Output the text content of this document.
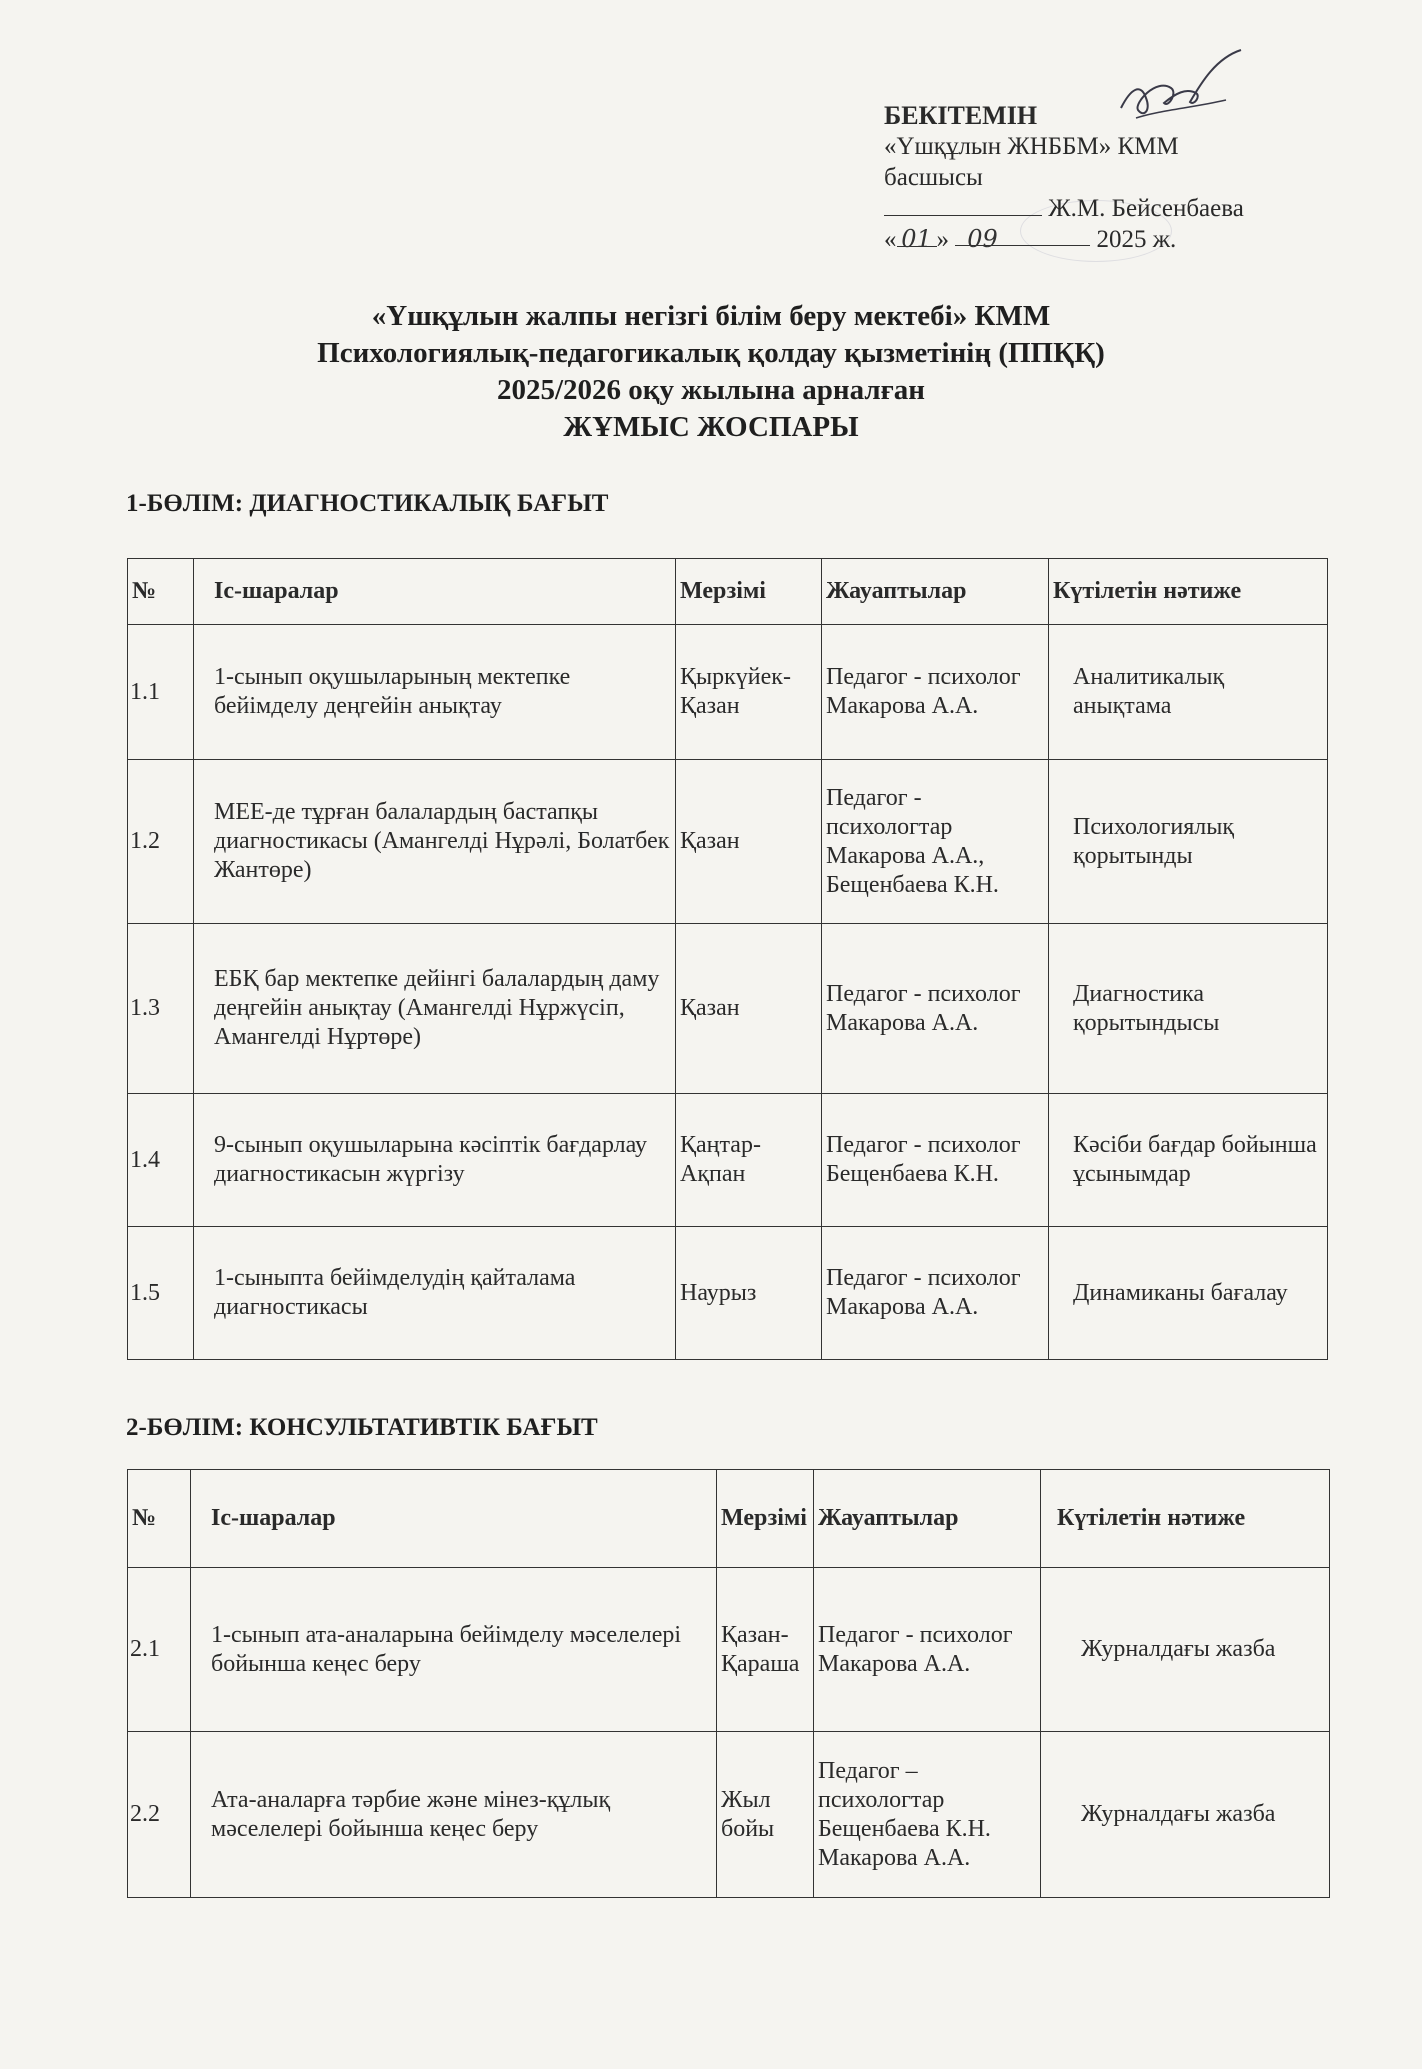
БЕКІТЕМІН
«Үшқұлын ЖНББМ» КММ
басшысы
Ж.М. Бейсенбаева
« 01 » 09	2025 ж.
«Үшқұлын жалпы негізгі білім беру мектебі» КММ
Психологиялық-педагогикалық қолдау қызметінің (ППҚҚ)
2025/2026 оқу жылына арналған
ЖҰМЫС ЖОСПАРЫ
1-БӨЛІМ: ДИАГНОСТИКАЛЫҚ БАҒЫТ
№	Іс-шаралар	Мерзімі	Жауаптылар	Күтілетін нәтиже
1.1	1-сынып оқушыларының мектепке бейімделу деңгейін анықтау	Қыркүйек-Қазан	Педагог - психолог Макарова А.А.	Аналитикалық анықтама
1.2	МЕЕ-де тұрған балалардың бастапқы диагностикасы (Амангелді Нұрәлі, Болатбек Жантөре)	Қазан	Педагог - психологтар Макарова А.А., Бещенбаева К.Н.	Психологиялық қорытынды
1.3	ЕБҚ бар мектепке дейінгі балалардың даму деңгейін анықтау (Амангелді Нұржүсіп, Амангелді Нұртөре)	Қазан	Педагог - психолог Макарова А.А.	Диагностика қорытындысы
1.4	9-сынып оқушыларына кәсіптік бағдарлау диагностикасын жүргізу	Қаңтар-Ақпан	Педагог - психолог Бещенбаева К.Н.	Кәсіби бағдар бойынша ұсынымдар
1.5	1-сыныпта бейімделудің қайталама диагностикасы	Наурыз	Педагог - психолог Макарова А.А.	Динамиканы бағалау
2-БӨЛІМ: КОНСУЛЬТАТИВТІК БАҒЫТ
№	Іс-шаралар	Мерзімі	Жауаптылар	Күтілетін нәтиже
2.1	1-сынып ата-аналарына бейімделу мәселелері бойынша кеңес беру	Қазан-Қараша	Педагог - психолог Макарова А.А.	Журналдағы жазба
2.2	Ата-аналарға тәрбие және мінез-құлық мәселелері бойынша кеңес беру	Жыл бойы	Педагог – психологтар Бещенбаева К.Н. Макарова А.А.	Журналдағы жазба
